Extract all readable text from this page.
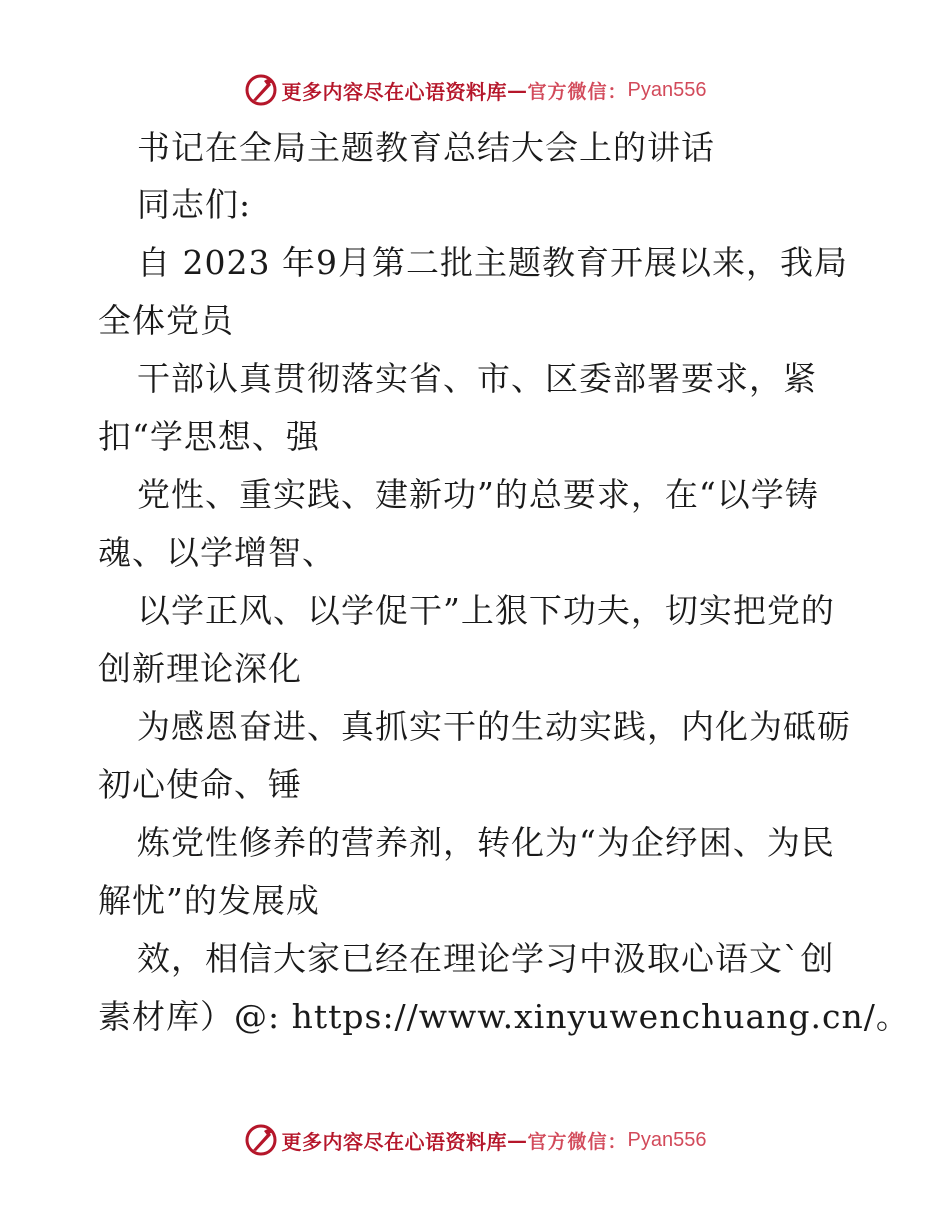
更多内容尽在心语资料库 — 官方微信： Pyan556
书记在全局主题教育总结大会上的讲话
同志们:
自 2023 年9月第二批主题教育开展以来，我局
全体党员
干部认真贯彻落实省、市、区委部署要求，紧
扣“学思想、强
党性、重实践、建新功”的总要求，在“以学铸
魂、以学增智、
以学正风、以学促干”上狠下功夫，切实把党的
创新理论深化
为感恩奋进、真抓实干的生动实践，内化为砥砺
初心使命、锤
炼党性修养的营养剂，转化为“为企纾困、为民
解忧”的发展成
效，相信大家已经在理论学习中汲取心语文`创
素材库）@: https://www.xinyuwenchuang.cn/。
更多内容尽在心语资料库 — 官方微信： Pyan556
